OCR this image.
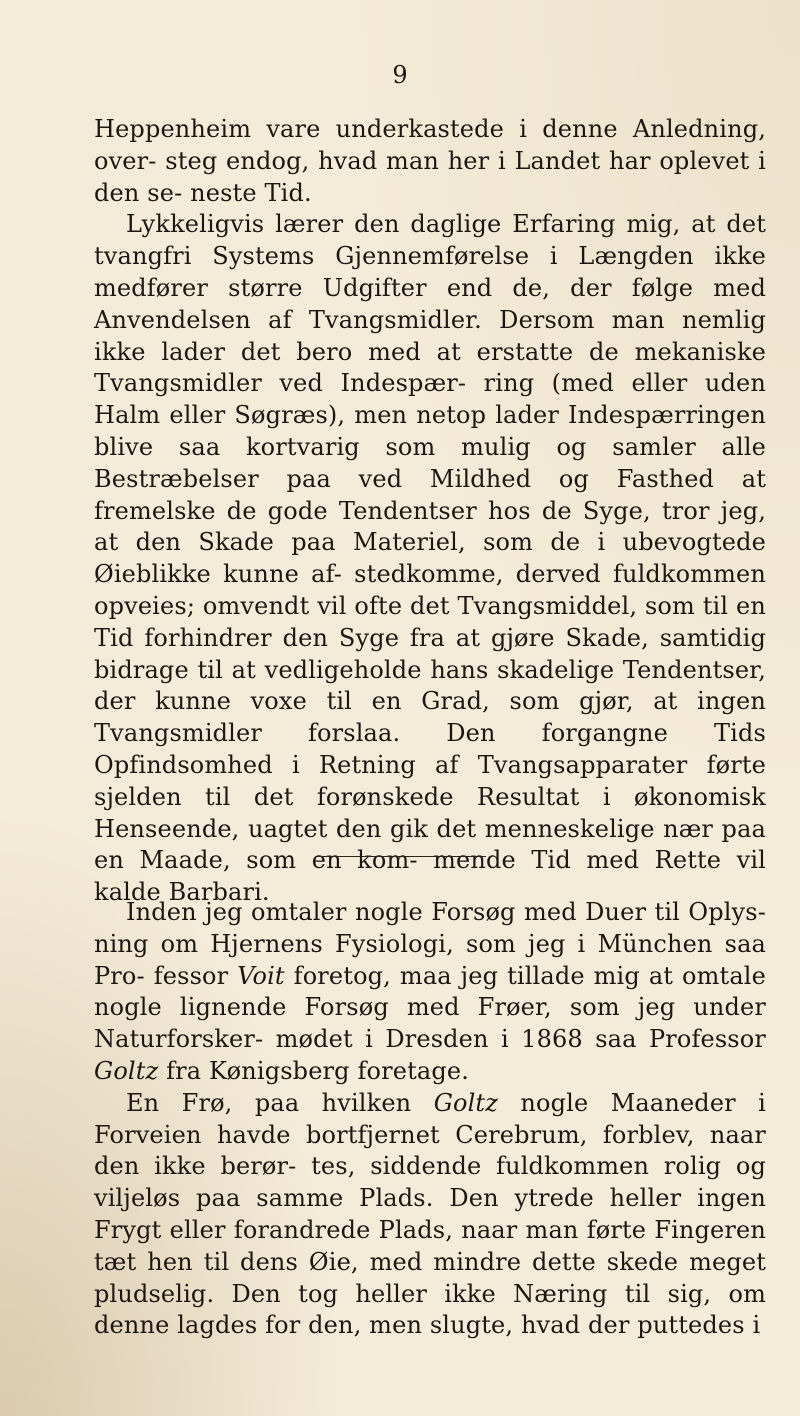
9

Heppenheim vare underkastede i denne Anledning, over- steg endog, hvad man her i Landet har oplevet i den se- neste Tid.

Lykkeligvis lærer den daglige Erfaring mig, at det tvangfri Systems Gjennemførelse i Længden ikke medfører større Udgifter end de, der følge med Anvendelsen af Tvangsmidler. Dersom man nemlig ikke lader det bero med at erstatte de mekaniske Tvangsmidler ved Indespær- ring (med eller uden Halm eller Søgræs), men netop lader Indespærringen blive saa kortvarig som mulig og samler alle Bestræbelser paa ved Mildhed og Fasthed at fremelske de gode Tendentser hos de Syge, tror jeg, at den Skade paa Materiel, som de i ubevogtede Øieblikke kunne af- stedkomme, derved fuldkommen opveies; omvendt vil ofte det Tvangsmiddel, som til en Tid forhindrer den Syge fra at gjøre Skade, samtidig bidrage til at vedligeholde hans skadelige Tendentser, der kunne voxe til en Grad, som gjør, at ingen Tvangsmidler forslaa. Den forgangne Tids Opfindsomhed i Retning af Tvangsapparater førte sjelden til det forønskede Resultat i økonomisk Henseende, uagtet den gik det menneskelige nær paa en Maade, som en kom- mende Tid med Rette vil kalde Barbari.

Inden jeg omtaler nogle Forsøg med Duer til Oplys- ning om Hjernens Fysiologi, som jeg i München saa Pro- fessor Voit foretog, maa jeg tillade mig at omtale nogle lignende Forsøg med Frøer, som jeg under Naturforsker- mødet i Dresden i 1868 saa Professor Goltz fra Kønigsberg foretage.

En Frø, paa hvilken Goltz nogle Maaneder i Forveien havde bortfjernet Cerebrum, forblev, naar den ikke berør- tes, siddende fuldkommen rolig og viljeløs paa samme Plads. Den ytrede heller ingen Frygt eller forandrede Plads, naar man førte Fingeren tæt hen til dens Øie, med mindre dette skede meget pludselig. Den tog heller ikke Næring til sig, om denne lagdes for den, men slugte, hvad der puttedes i
